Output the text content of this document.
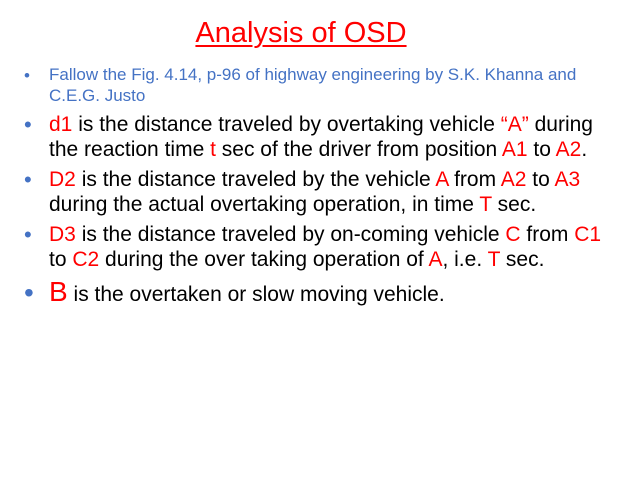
Analysis of OSD
• Fallow the Fig. 4.14, p-96 of highway engineering by S.K. Khanna and C.E.G. Justo
• d1 is the distance traveled by overtaking vehicle “A” during the reaction time t sec of the driver from position A1 to A2.
• D2 is the distance traveled by the vehicle A from A2 to A3 during the actual overtaking operation, in time T sec.
• D3 is the distance traveled by on-coming vehicle C from C1 to C2 during the over taking operation of A, i.e. T sec.
• B is the overtaken or slow moving vehicle.
